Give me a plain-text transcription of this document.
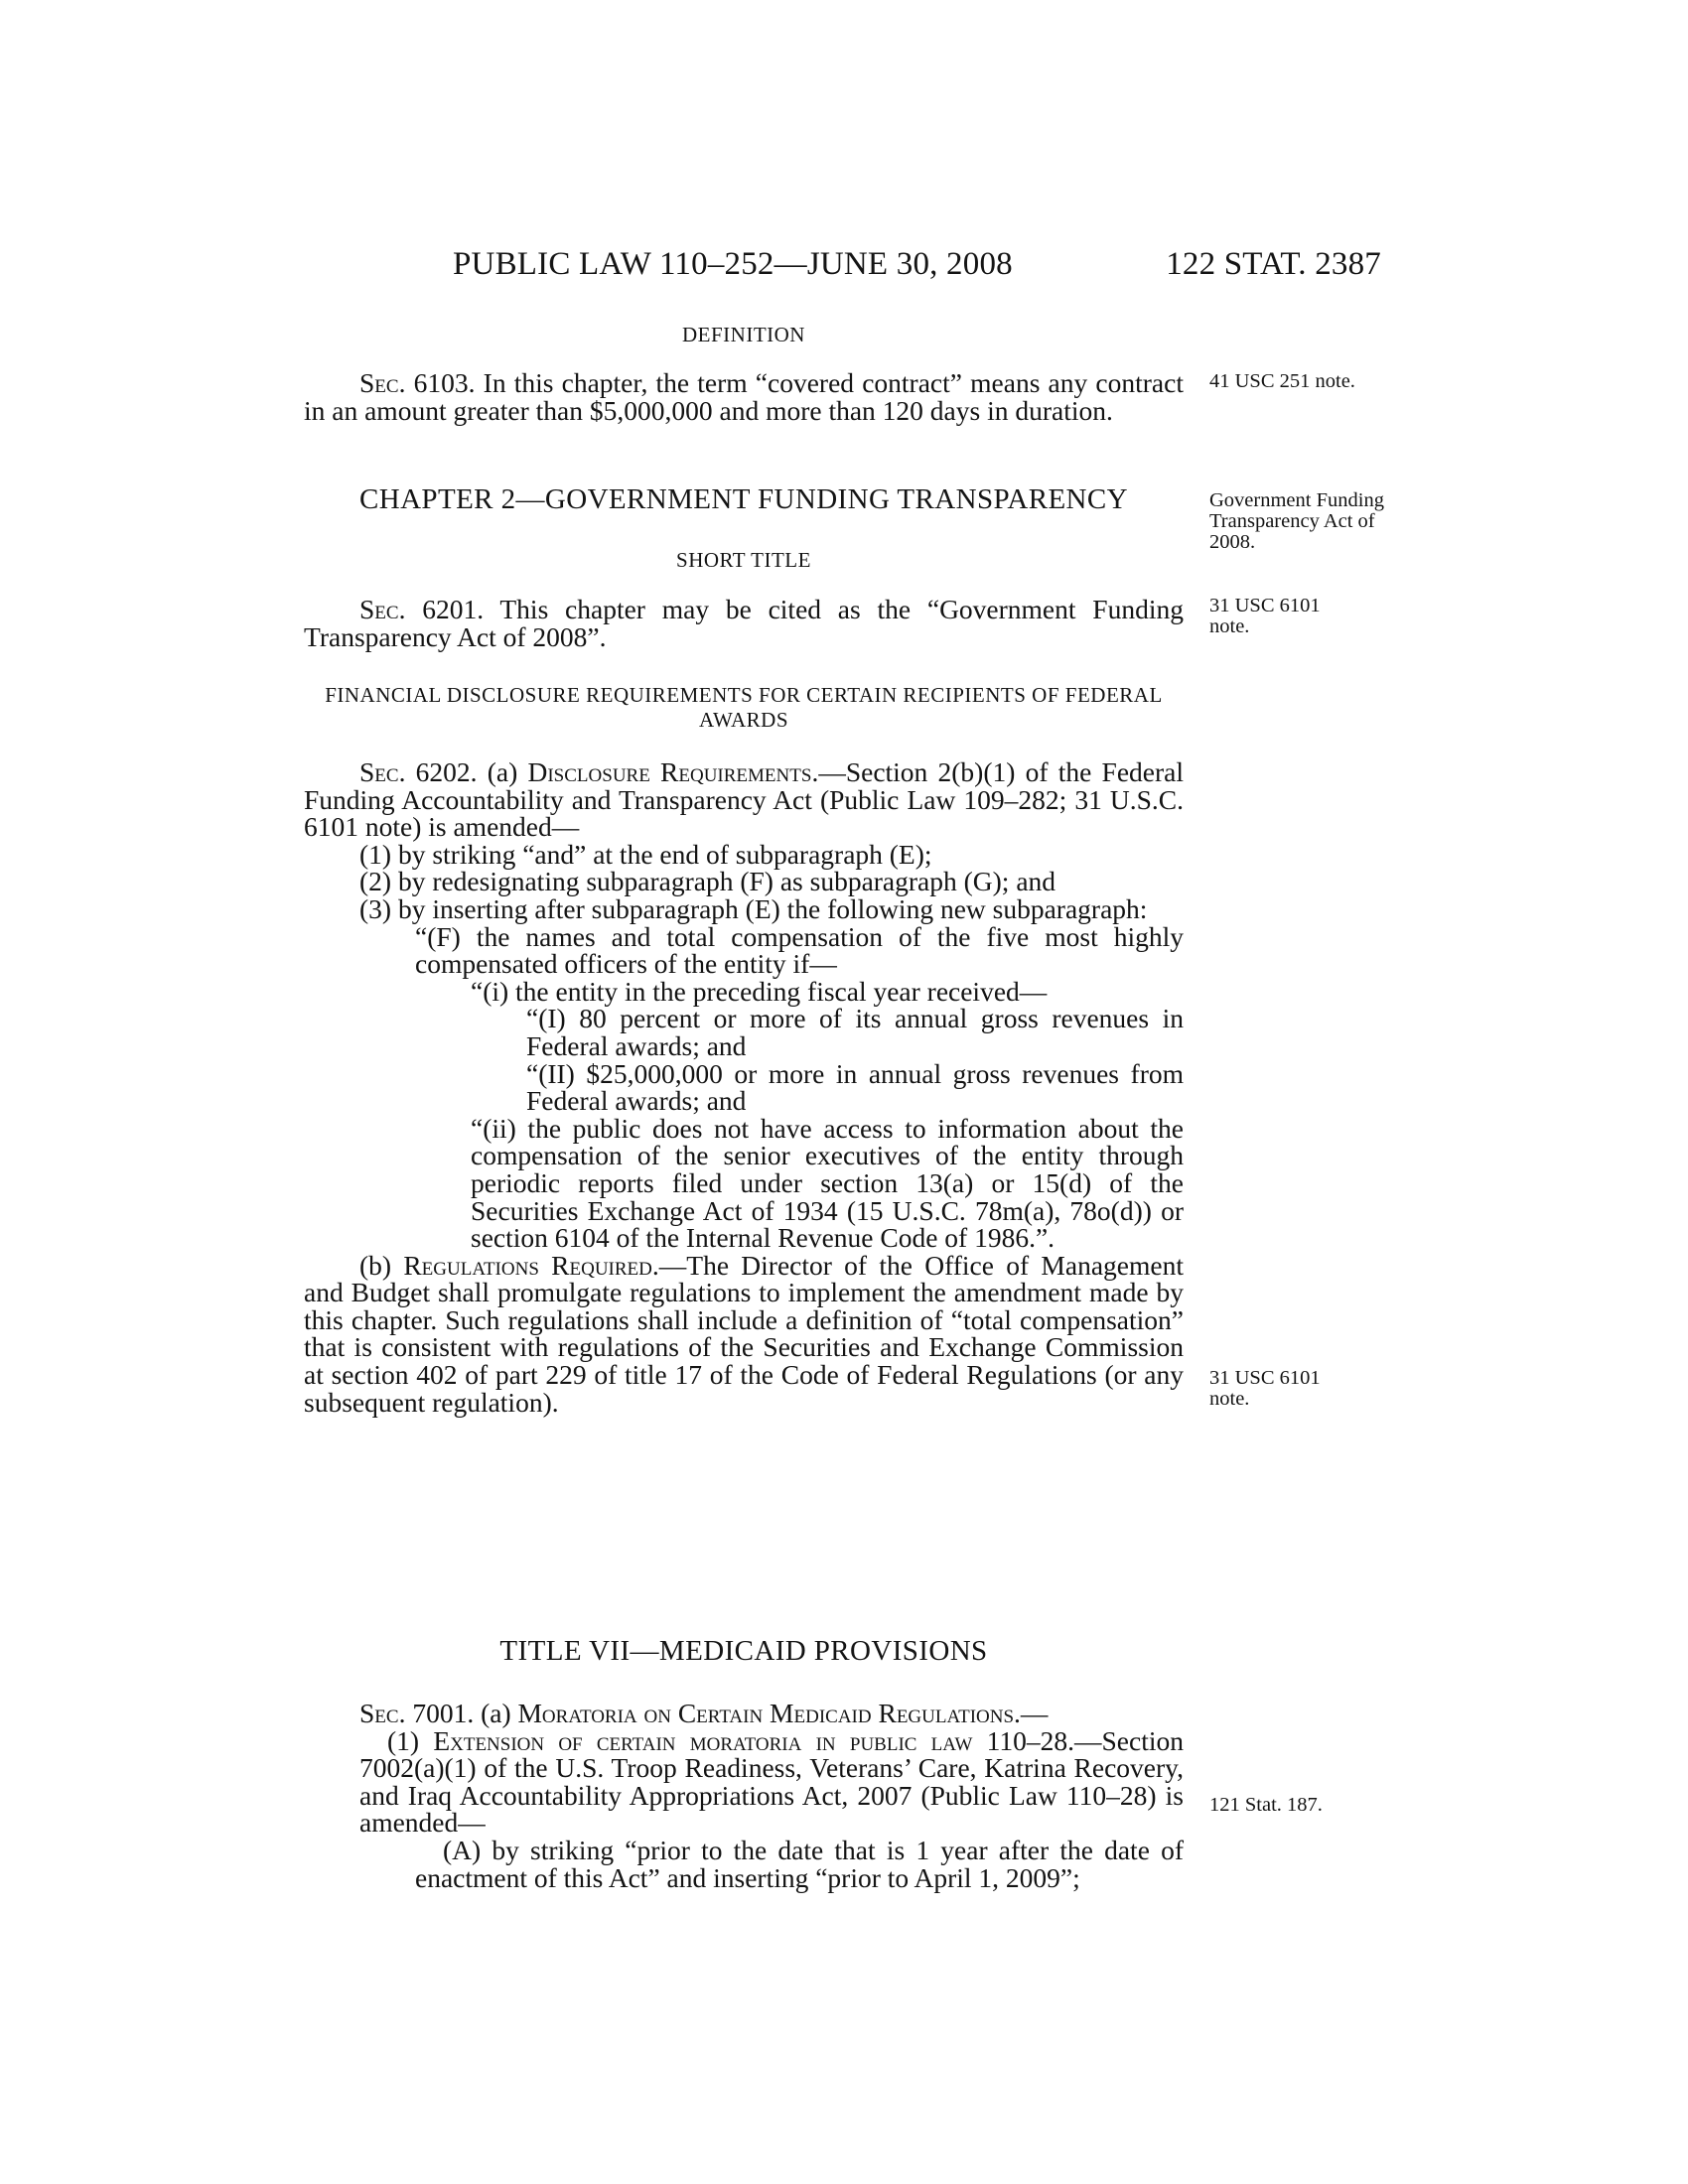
PUBLIC LAW 110–252—JUNE 30, 2008	122 STAT. 2387
DEFINITION

Sec. 6103. In this chapter, the term “covered contract” means any contract in an amount greater than $5,000,000 and more than 120 days in duration.

CHAPTER 2—GOVERNMENT FUNDING TRANSPARENCY
SHORT TITLE

Sec. 6201. This chapter may be cited as the “Government Funding Transparency Act of 2008”.

FINANCIAL DISCLOSURE REQUIREMENTS FOR CERTAIN RECIPIENTS OF FEDERAL AWARDS

Sec. 6202. (a) Disclosure Requirements.—Section 2(b)(1) of the Federal Funding Accountability and Transparency Act (Public Law 109–282; 31 U.S.C. 6101 note) is amended—

(1) by striking “and” at the end of subparagraph (E);

(2) by redesignating subparagraph (F) as subparagraph (G); and

(3) by inserting after subparagraph (E) the following new subparagraph:

“(F) the names and total compensation of the five most highly compensated officers of the entity if—

“(i) the entity in the preceding fiscal year received—

“(I) 80 percent or more of its annual gross revenues in Federal awards; and

“(II) $25,000,000 or more in annual gross revenues from Federal awards; and

“(ii) the public does not have access to information about the compensation of the senior executives of the entity through periodic reports filed under section 13(a) or 15(d) of the Securities Exchange Act of 1934 (15 U.S.C. 78m(a), 78o(d)) or section 6104 of the Internal Revenue Code of 1986.”.

(b) Regulations Required.—The Director of the Office of Management and Budget shall promulgate regulations to implement the amendment made by this chapter. Such regulations shall include a definition of “total compensation” that is consistent with regulations of the Securities and Exchange Commission at section 402 of part 229 of title 17 of the Code of Federal Regulations (or any subsequent regulation).

TITLE VII—MEDICAID PROVISIONS

Sec. 7001. (a) Moratoria on Certain Medicaid Regulations.—

(1) Extension of certain moratoria in public law 110–28.—Section 7002(a)(1) of the U.S. Troop Readiness, Veterans’ Care, Katrina Recovery, and Iraq Accountability Appropriations Act, 2007 (Public Law 110–28) is amended—

(A) by striking “prior to the date that is 1 year after the date of enactment of this Act” and inserting “prior to April 1, 2009”;

41 USC 251 note.
Government Funding Transparency Act of 2008.
31 USC 6101 note.
31 USC 6101 note.
121 Stat. 187.
